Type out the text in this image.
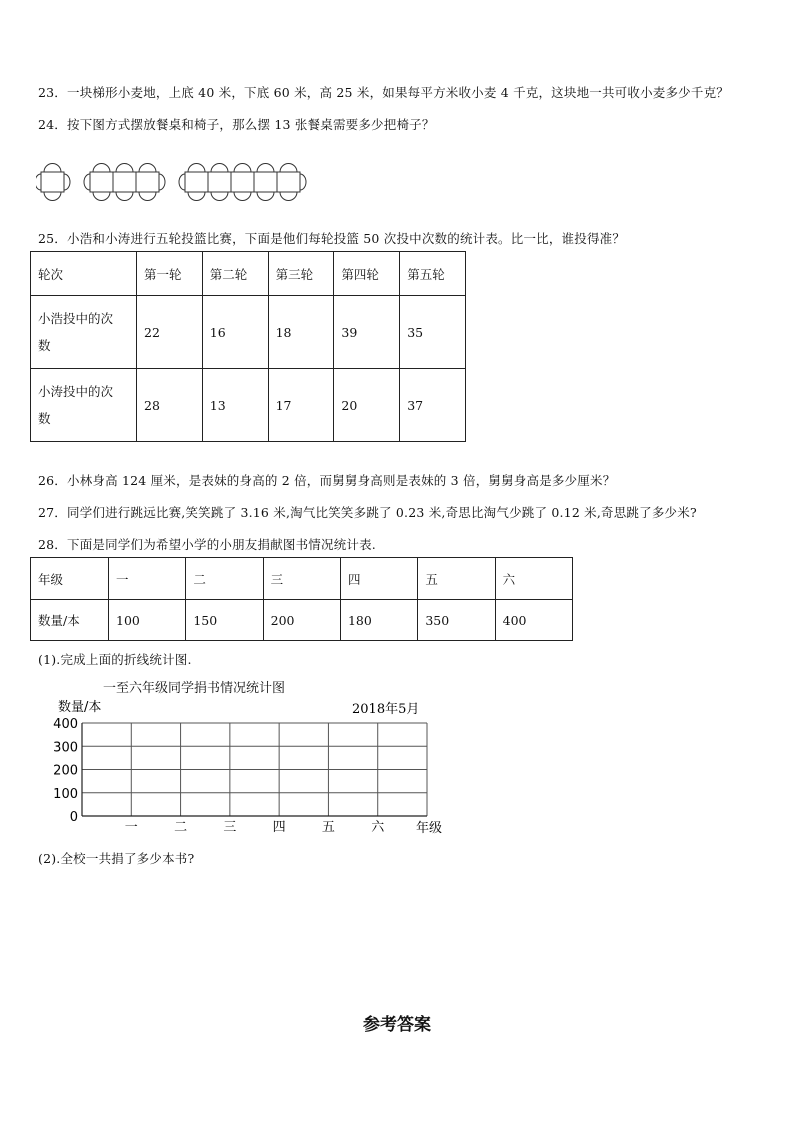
23．一块梯形小麦地，上底 40 米，下底 60 米，高 25 米，如果每平方米收小麦 4 千克，这块地一共可收小麦多少千克？
24．按下图方式摆放餐桌和椅子，那么摆 13 张餐桌需要多少把椅子？
25．小浩和小涛进行五轮投篮比赛，下面是他们每轮投篮 50 次投中次数的统计表。比一比，谁投得准？
轮次	第一轮	第二轮	第三轮	第四轮	第五轮
小浩投中的次
数	22	16	18	39	35
小涛投中的次
数	28	13	17	20	37
26．小林身高 124 厘米，是表妹的身高的 2 倍，而舅舅身高则是表妹的 3 倍，舅舅身高是多少厘米？
27．同学们进行跳远比赛,笑笑跳了 3.16 米,淘气比笑笑多跳了 0.23 米,奇思比淘气少跳了 0.12 米,奇思跳了多少米?
28．下面是同学们为希望小学的小朋友捐献图书情况统计表.
年级	一	二	三	四	五	六
数量/本	100	150	200	180	350	400
(1).完成上面的折线统计图.
一至六年级同学捐书情况统计图
数量/本	2018年5月
0
100
200
300
400
一	二	三	四	五	六 年级
(2).全校一共捐了多少本书?
参考答案
